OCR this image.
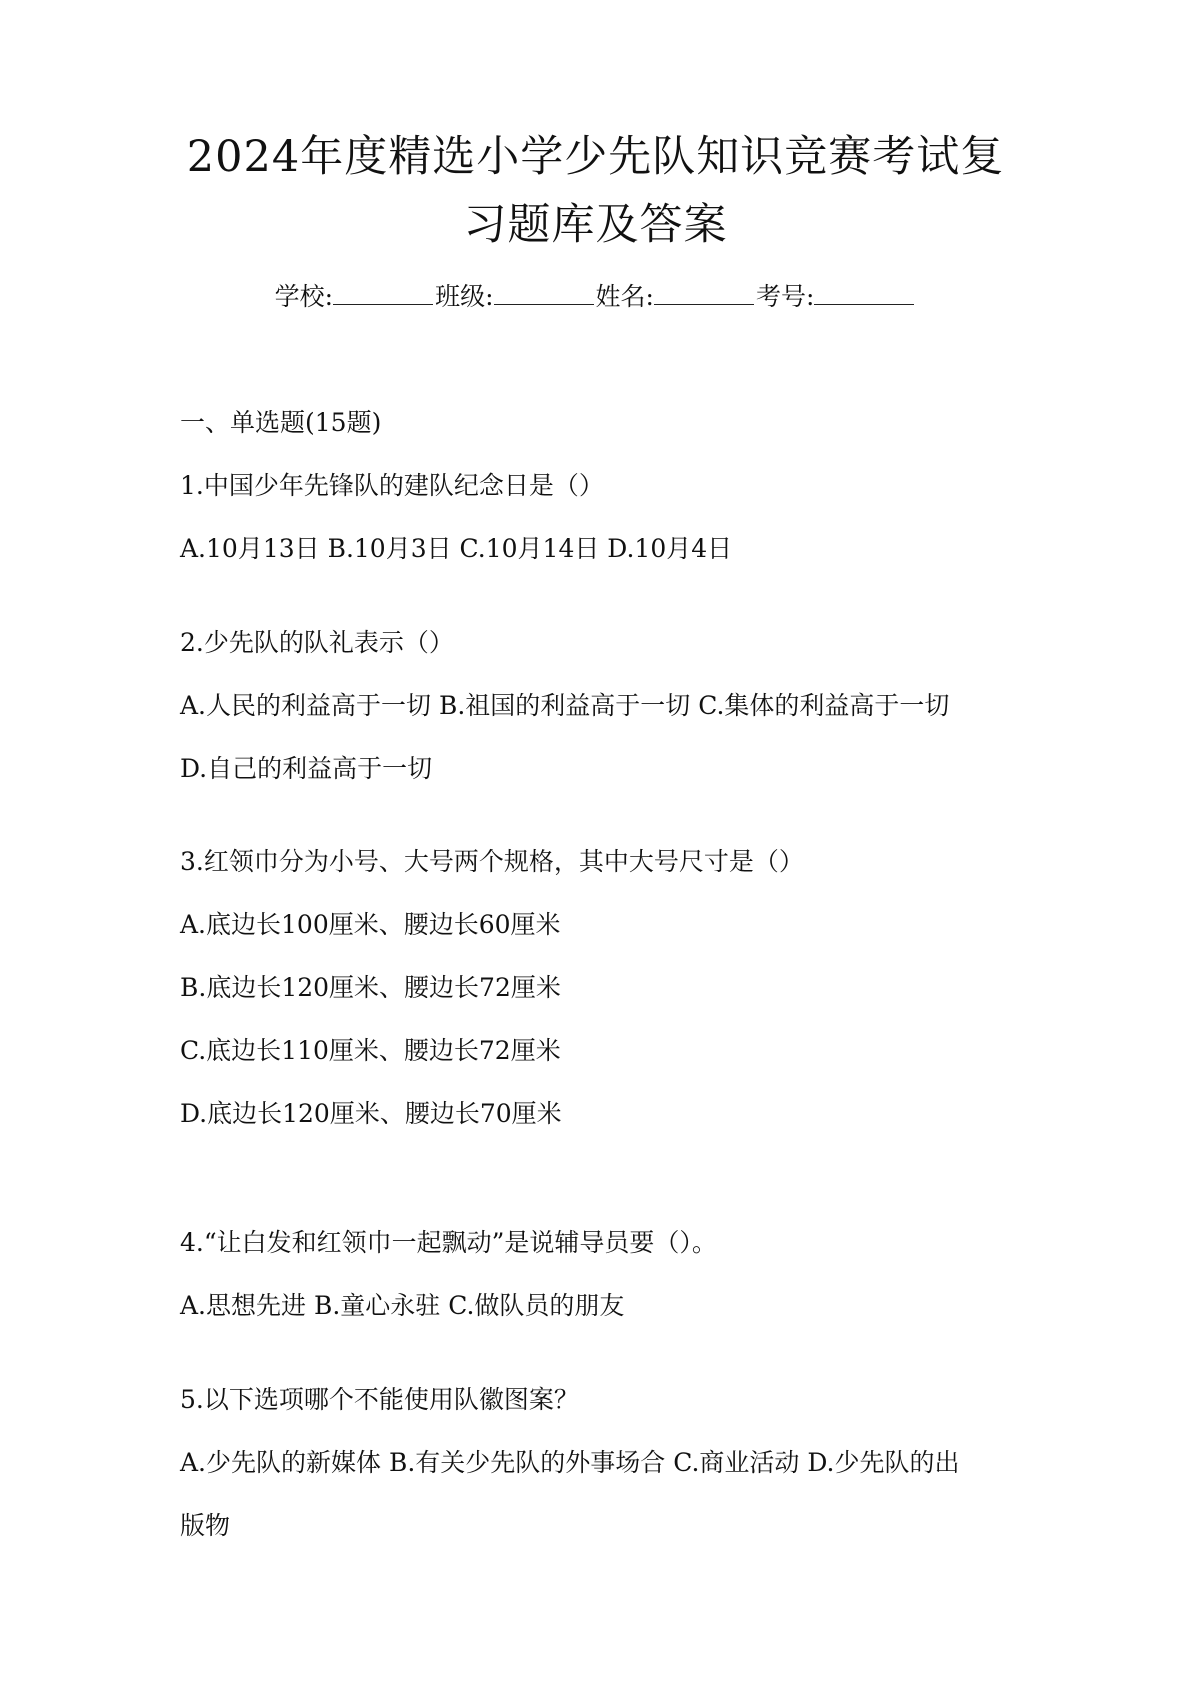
2024年度精选小学少先队知识竞赛考试复
习题库及答案
学校:	班级:	姓名:	考号:
一、单选题(15题)
1.中国少年先锋队的建队纪念日是（）
A.10月13日 B.10月3日 C.10月14日 D.10月4日
2.少先队的队礼表示（）
A.人民的利益高于一切 B.祖国的利益高于一切 C.集体的利益高于一切
D.自己的利益高于一切
3.红领巾分为小号、大号两个规格，其中大号尺寸是（）
A.底边长100厘米、腰边长60厘米
B.底边长120厘米、腰边长72厘米
C.底边长110厘米、腰边长72厘米
D.底边长120厘米、腰边长70厘米
4.“让白发和红领巾一起飘动”是说辅导员要（）。
A.思想先进 B.童心永驻 C.做队员的朋友
5.以下选项哪个不能使用队徽图案？
A.少先队的新媒体 B.有关少先队的外事场合 C.商业活动 D.少先队的出
版物
